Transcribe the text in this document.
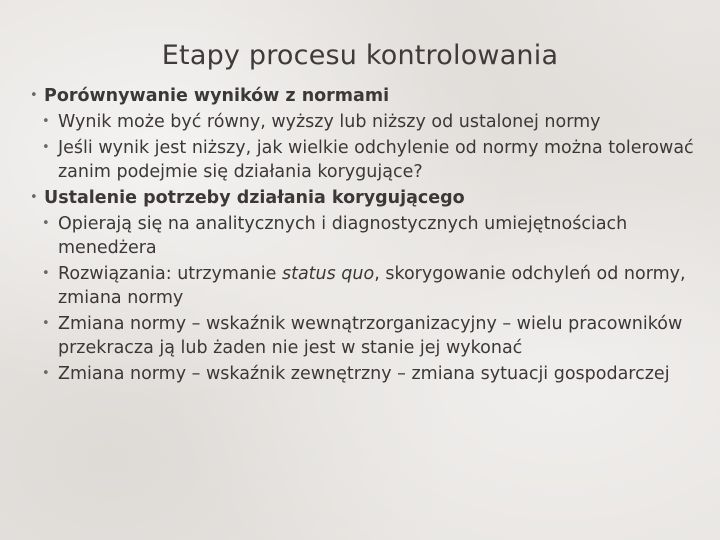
Etapy procesu kontrolowania

• Porównywanie wyników z normami

• Wynik może być równy, wyższy lub niższy od ustalonej normy

• Jeśli wynik jest niższy, jak wielkie odchylenie od normy można tolerować zanim podejmie się działania korygujące?

• Ustalenie potrzeby działania korygującego

• Opierają się na analitycznych i diagnostycznych umiejętnościach menedżera

• Rozwiązania: utrzymanie status quo, skorygowanie odchyleń od normy, zmiana normy

• Zmiana normy – wskaźnik wewnątrzorganizacyjny – wielu pracowników przekracza ją lub żaden nie jest w stanie jej wykonać

• Zmiana normy – wskaźnik zewnętrzny – zmiana sytuacji gospodarczej
